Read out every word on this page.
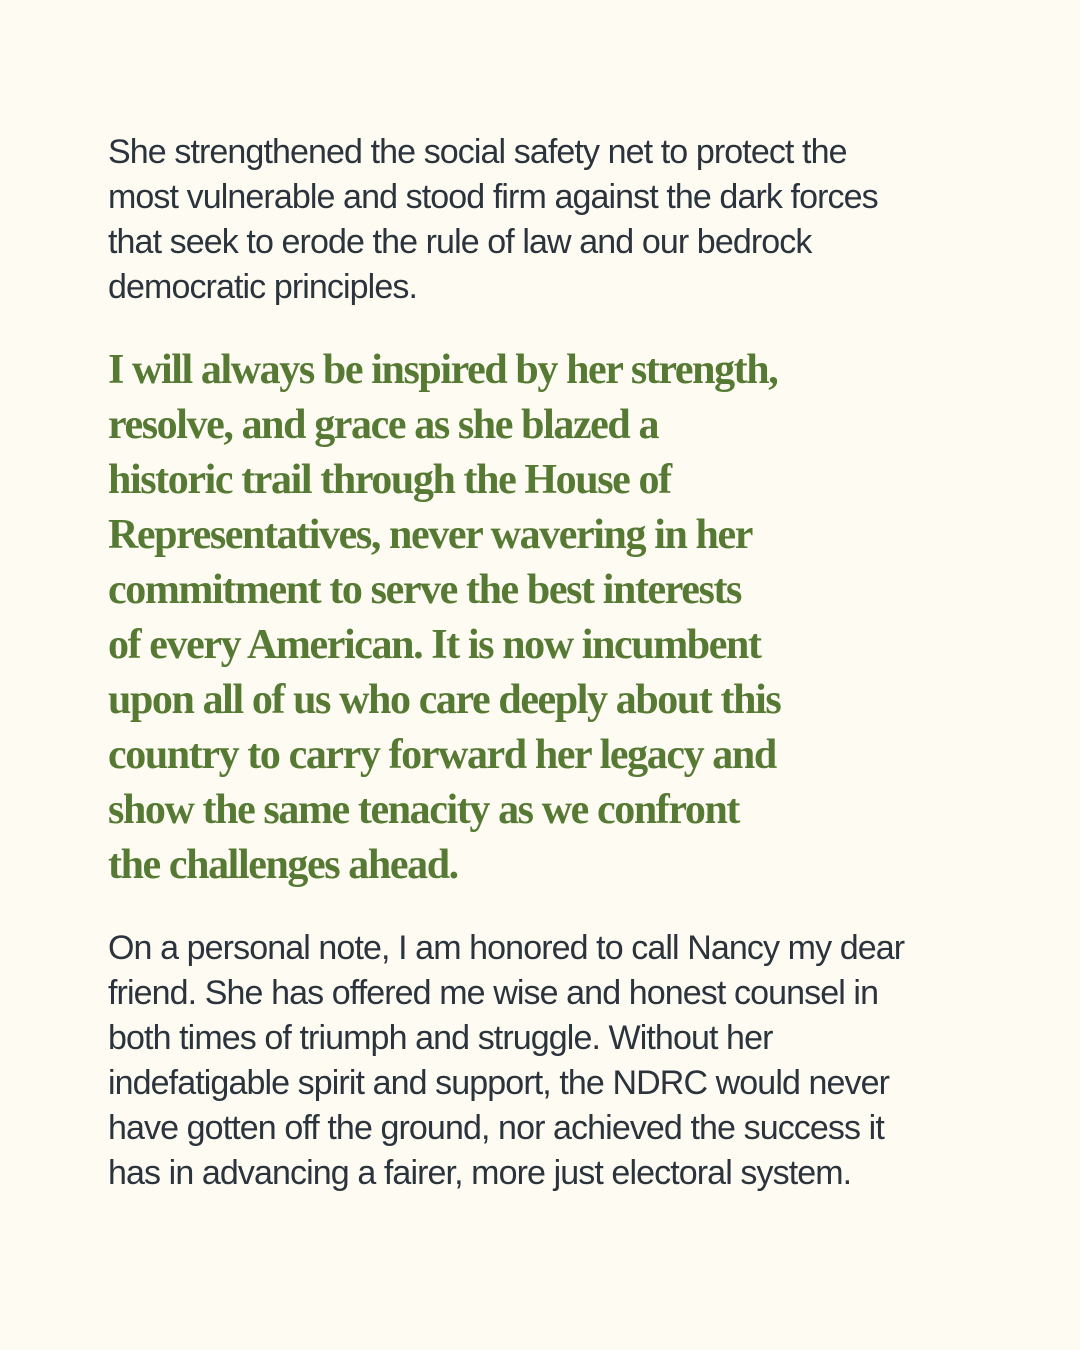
She strengthened the social safety net to protect the
most vulnerable and stood firm against the dark forces
that seek to erode the rule of law and our bedrock
democratic principles.
I will always be inspired by her strength,
resolve, and grace as she blazed a
historic trail through the House of
Representatives, never wavering in her
commitment to serve the best interests
of every American. It is now incumbent
upon all of us who care deeply about this
country to carry forward her legacy and
show the same tenacity as we confront
the challenges ahead.
On a personal note, I am honored to call Nancy my dear
friend. She has offered me wise and honest counsel in
both times of triumph and struggle. Without her
indefatigable spirit and support, the NDRC would never
have gotten off the ground, nor achieved the success it
has in advancing a fairer, more just electoral system.
